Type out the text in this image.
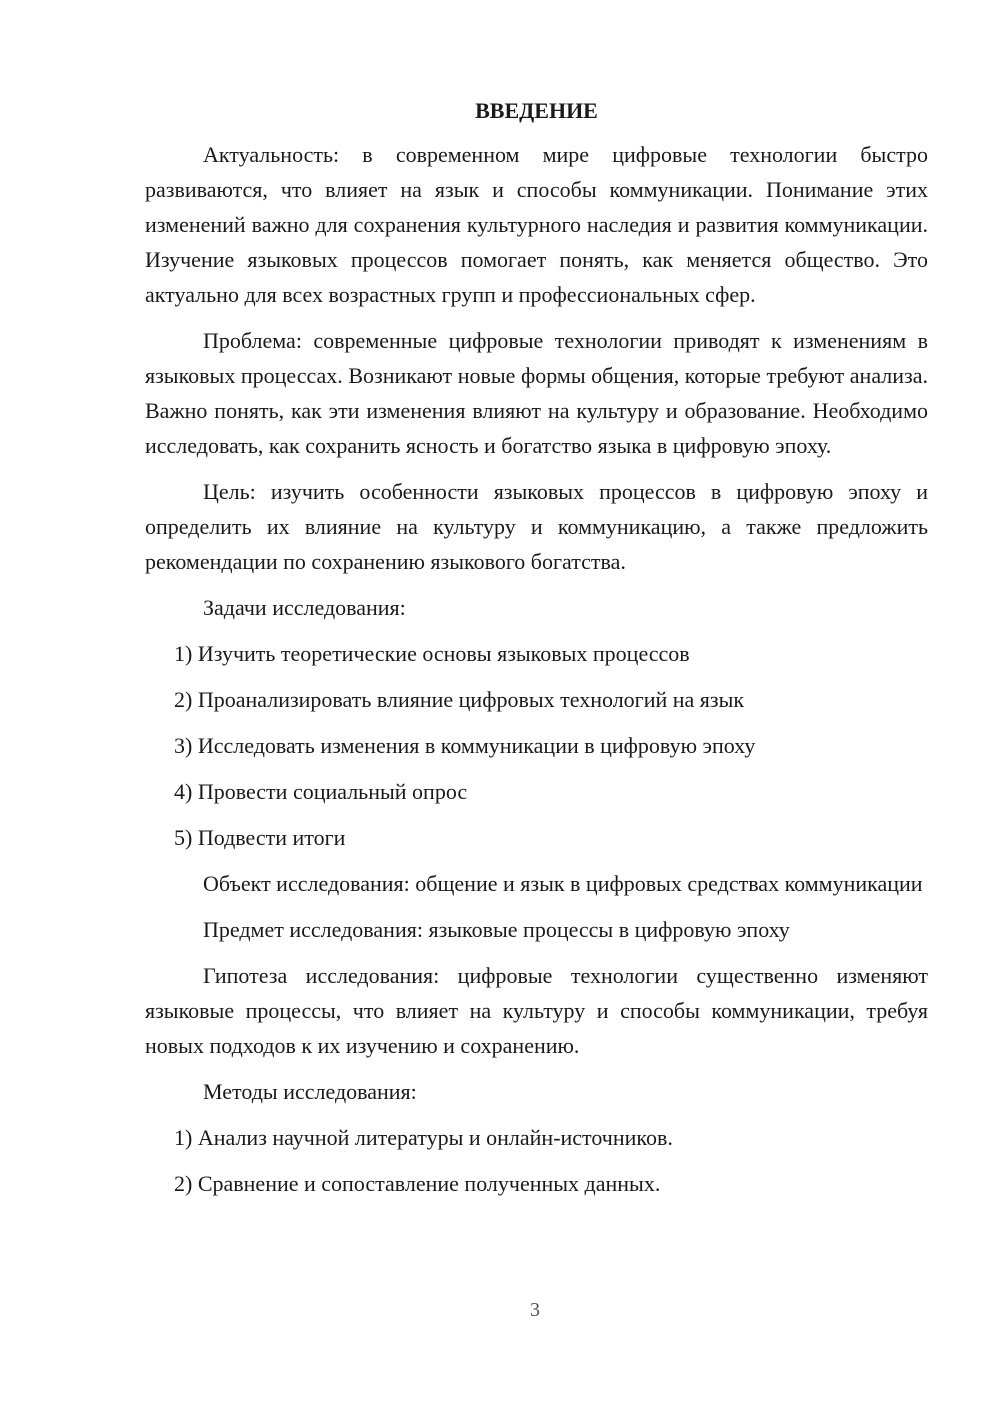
ВВЕДЕНИЕ
Актуальность: в современном мире цифровые технологии быстро развиваются, что влияет на язык и способы коммуникации. Понимание этих изменений важно для сохранения культурного наследия и развития коммуникации. Изучение языковых процессов помогает понять, как меняется общество. Это актуально для всех возрастных групп и профессиональных сфер.
Проблема: современные цифровые технологии приводят к изменениям в языковых процессах. Возникают новые формы общения, которые требуют анализа. Важно понять, как эти изменения влияют на культуру и образование. Необходимо исследовать, как сохранить ясность и богатство языка в цифровую эпоху.
Цель: изучить особенности языковых процессов в цифровую эпоху и определить их влияние на культуру и коммуникацию, а также предложить рекомендации по сохранению языкового богатства.
Задачи исследования:
1) Изучить теоретические основы языковых процессов
2) Проанализировать влияние цифровых технологий на язык
3) Исследовать изменения в коммуникации в цифровую эпоху
4) Провести социальный опрос
5) Подвести итоги
Объект исследования: общение и язык в цифровых средствах коммуникации
Предмет исследования: языковые процессы в цифровую эпоху
Гипотеза исследования: цифровые технологии существенно изменяют языковые процессы, что влияет на культуру и способы коммуникации, требуя новых подходов к их изучению и сохранению.
Методы исследования:
1) Анализ научной литературы и онлайн-источников.
2) Сравнение и сопоставление полученных данных.
3
